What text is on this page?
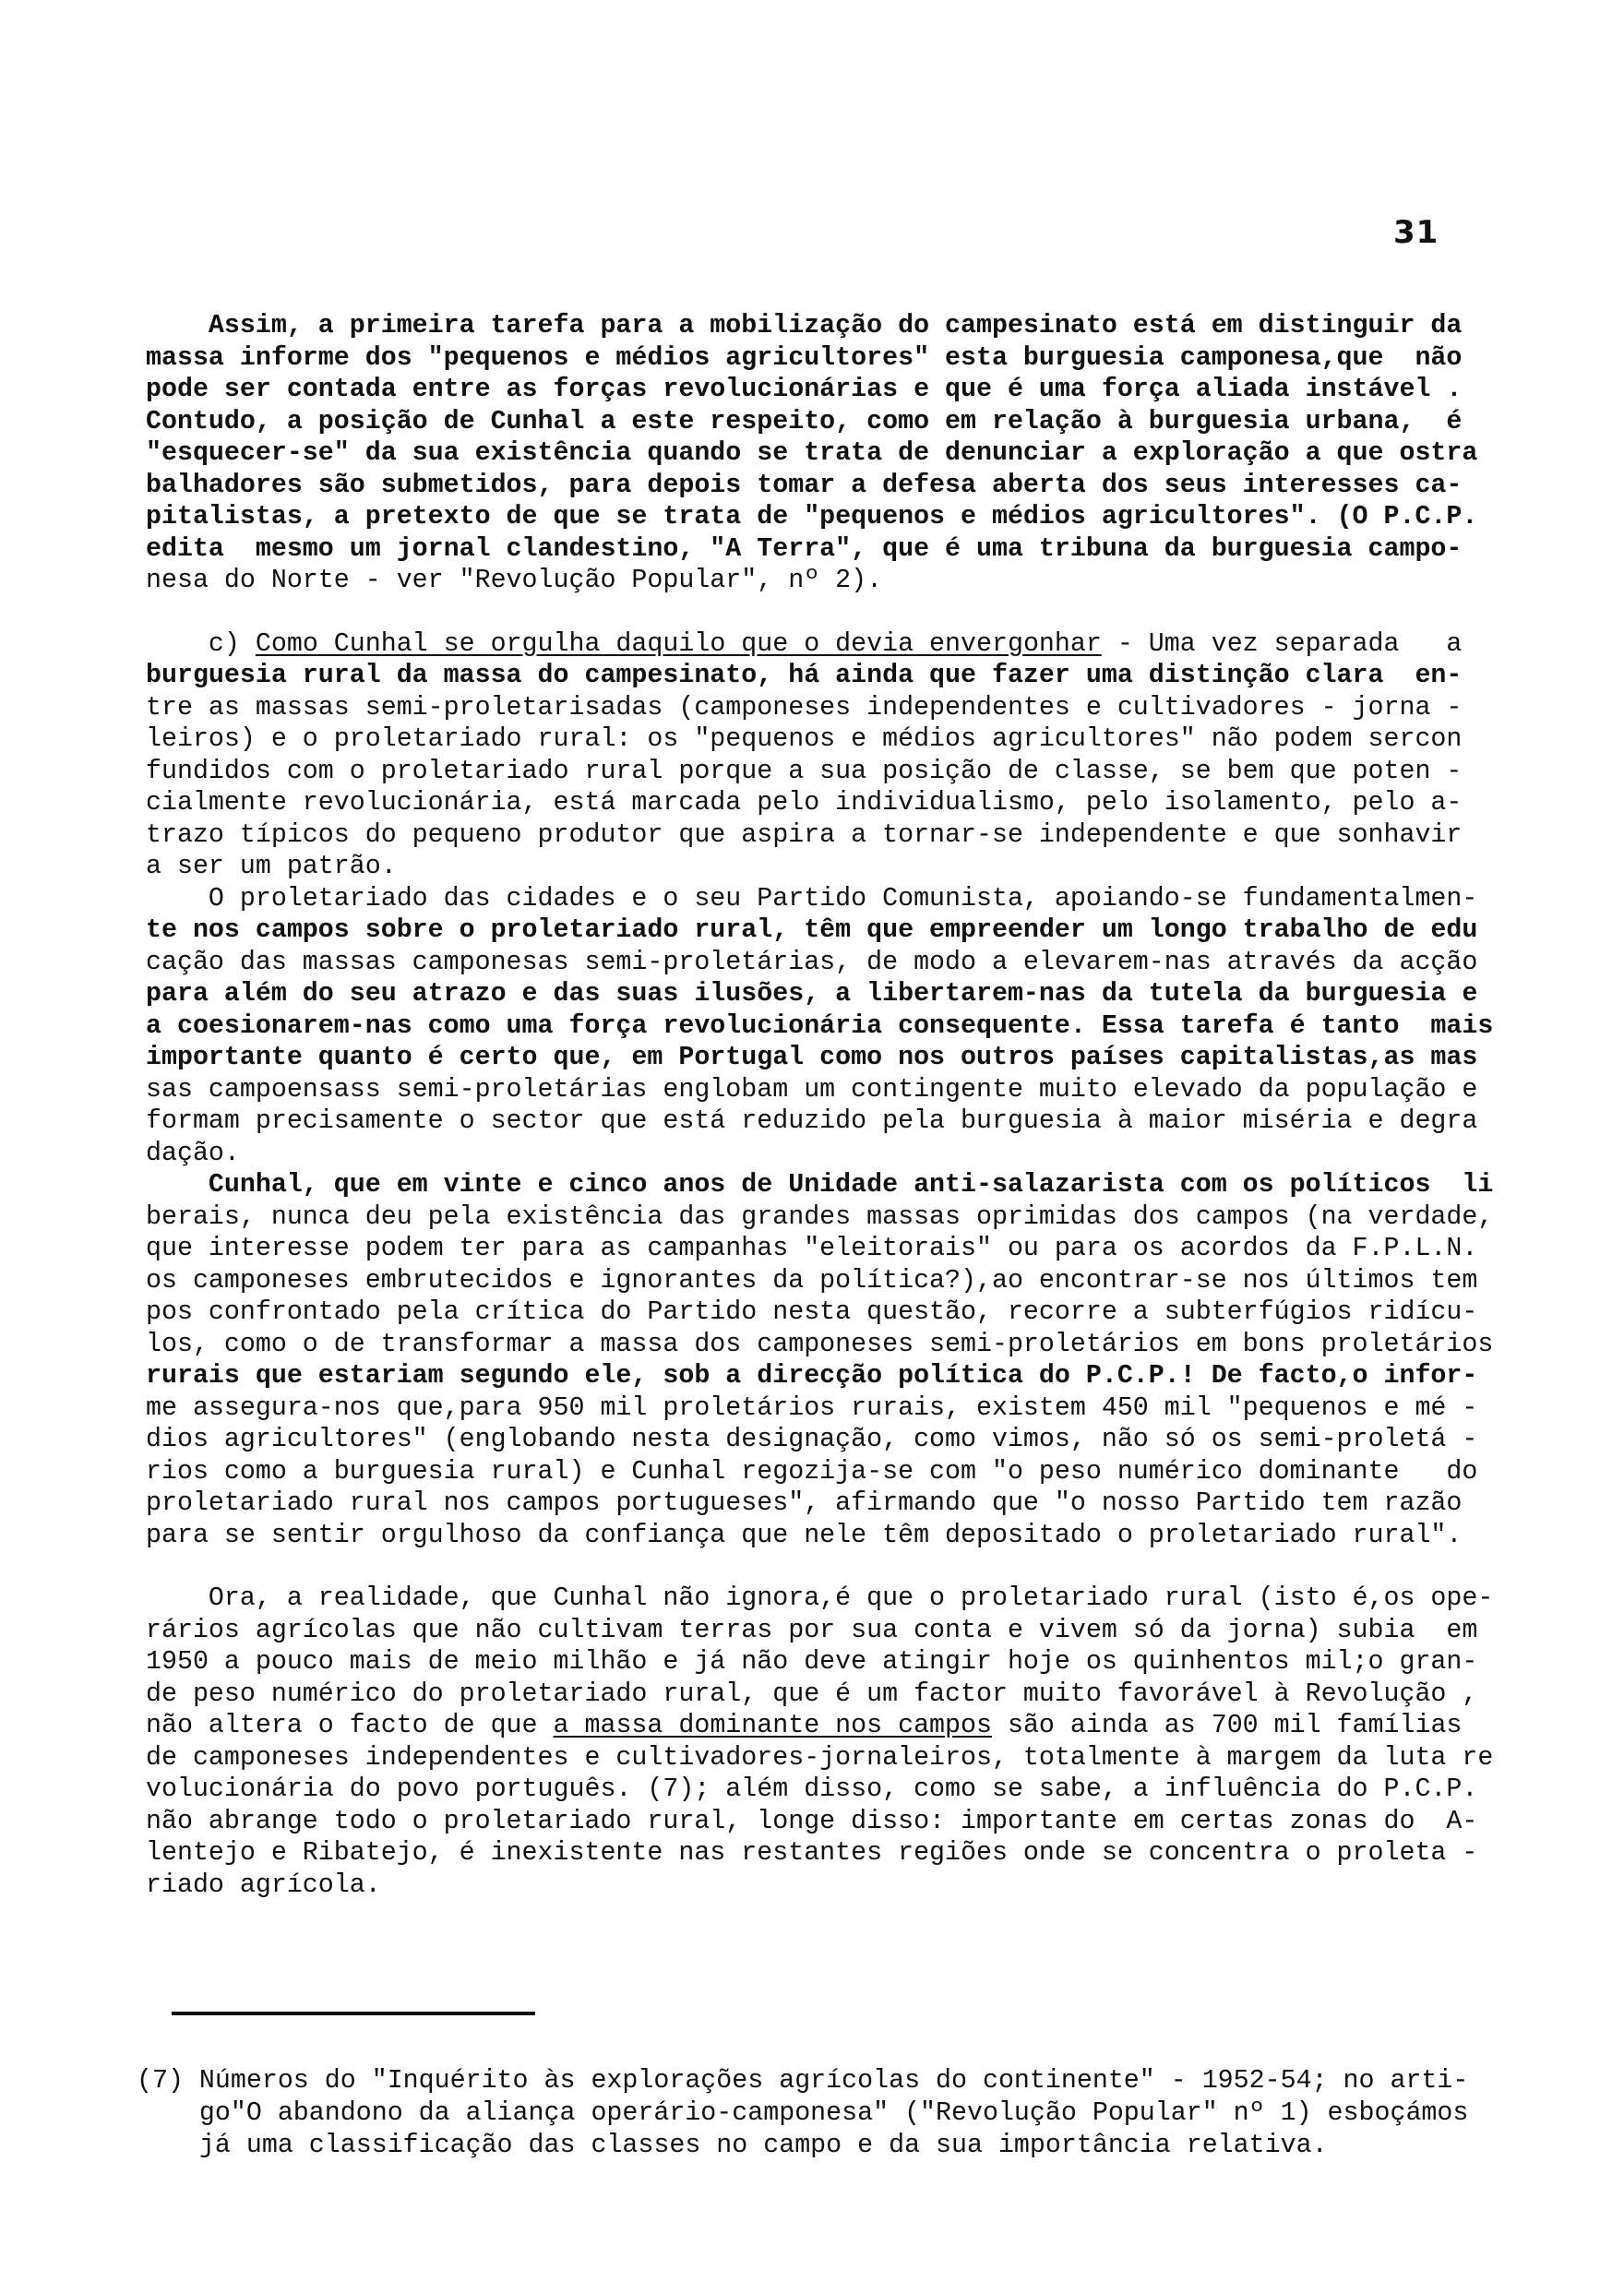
31
Assim, a primeira tarefa para a mobilização do campesinato está em distinguir da
massa informe dos "pequenos e médios agricultores" esta burguesia camponesa,que  não
pode ser contada entre as forças revolucionárias e que é uma força aliada instável .
Contudo, a posição de Cunhal a este respeito, como em relação à burguesia urbana,  é
"esquecer-se" da sua existência quando se trata de denunciar a exploração a que ostra
balhadores são submetidos, para depois tomar a defesa aberta dos seus interesses ca-
pitalistas, a pretexto de que se trata de "pequenos e médios agricultores". (O P.C.P.
edita  mesmo um jornal clandestino, "A Terra", que é uma tribuna da burguesia campo-
nesa do Norte - ver "Revolução Popular", nº 2).
c) Como Cunhal se orgulha daquilo que o devia envergonhar - Uma vez separada   a
burguesia rural da massa do campesinato, há ainda que fazer uma distinção clara  en-
tre as massas semi-proletarisadas (camponeses independentes e cultivadores - jorna -
leiros) e o proletariado rural: os "pequenos e médios agricultores" não podem sercon
fundidos com o proletariado rural porque a sua posição de classe, se bem que poten -
cialmente revolucionária, está marcada pelo individualismo, pelo isolamento, pelo a-
trazo típicos do pequeno produtor que aspira a tornar-se independente e que sonhavir
a ser um patrão.
O proletariado das cidades e o seu Partido Comunista, apoiando-se fundamentalmen-
te nos campos sobre o proletariado rural, têm que empreender um longo trabalho de edu
cação das massas camponesas semi-proletárias, de modo a elevarem-nas através da acção
para além do seu atrazo e das suas ilusões, a libertarem-nas da tutela da burguesia e
a coesionarem-nas como uma força revolucionária consequente. Essa tarefa é tanto  mais
importante quanto é certo que, em Portugal como nos outros países capitalistas,as mas
sas campoensass semi-proletárias englobam um contingente muito elevado da população e
formam precisamente o sector que está reduzido pela burguesia à maior miséria e degra
dação.
Cunhal, que em vinte e cinco anos de Unidade anti-salazarista com os políticos  li
berais, nunca deu pela existência das grandes massas oprimidas dos campos (na verdade,
que interesse podem ter para as campanhas "eleitorais" ou para os acordos da F.P.L.N.
os camponeses embrutecidos e ignorantes da política?),ao encontrar-se nos últimos tem
pos confrontado pela crítica do Partido nesta questão, recorre a subterfúgios ridícu-
los, como o de transformar a massa dos camponeses semi-proletários em bons proletários
rurais que estariam segundo ele, sob a direcção política do P.C.P.! De facto,o infor-
me assegura-nos que,para 950 mil proletários rurais, existem 450 mil "pequenos e mé -
dios agricultores" (englobando nesta designação, como vimos, não só os semi-proletá -
rios como a burguesia rural) e Cunhal regozija-se com "o peso numérico dominante   do
proletariado rural nos campos portugueses", afirmando que "o nosso Partido tem razão
para se sentir orgulhoso da confiança que nele têm depositado o proletariado rural".
Ora, a realidade, que Cunhal não ignora,é que o proletariado rural (isto é,os ope-
rários agrícolas que não cultivam terras por sua conta e vivem só da jorna) subia  em
1950 a pouco mais de meio milhão e já não deve atingir hoje os quinhentos mil;o gran-
de peso numérico do proletariado rural, que é um factor muito favorável à Revolução ,
não altera o facto de que a massa dominante nos campos são ainda as 700 mil famílias
de camponeses independentes e cultivadores-jornaleiros, totalmente à margem da luta re
volucionária do povo português. (7); além disso, como se sabe, a influência do P.C.P.
não abrange todo o proletariado rural, longe disso: importante em certas zonas do  A-
lentejo e Ribatejo, é inexistente nas restantes regiões onde se concentra o proleta -
riado agrícola.
(7) Números do "Inquérito às explorações agrícolas do continente" - 1952-54; no arti-
go"O abandono da aliança operário-camponesa" ("Revolução Popular" nº 1) esboçámos
já uma classificação das classes no campo e da sua importância relativa.
